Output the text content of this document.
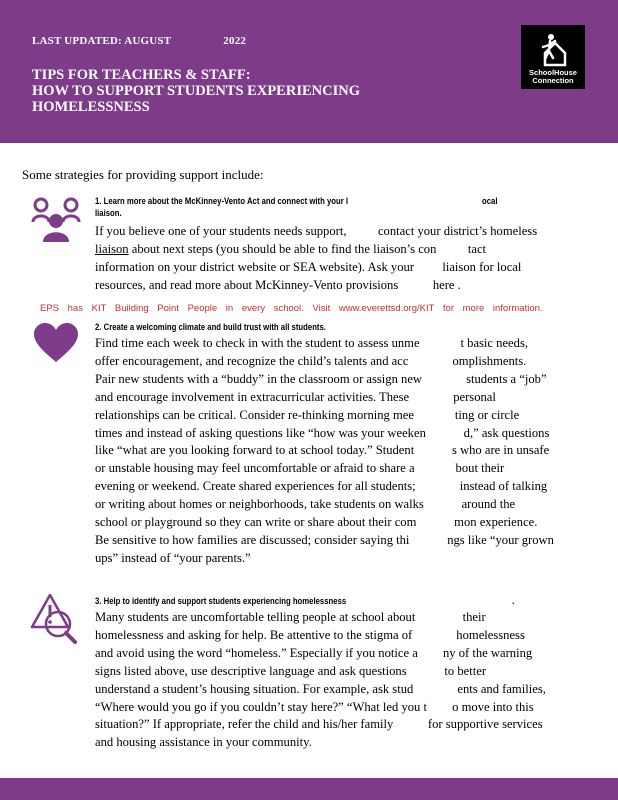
LAST UPDATED: AUGUST	2022
TIPS FOR TEACHERS & STAFF:
HOW TO SUPPORT STUDENTS EXPERIENCING
HOMELESSNESS
SchoolHouse
Connection
Some strategies for providing support include:
1. Learn more about the McKinney-Vento Act and connect with your l	ocal
liaison.
If you believe one of your students needs support,          contact your district’s homeless
liaison about next steps (you should be able to find the liaison’s con          tact
information on your district website or SEA website). Ask your         liaison for local
resources, and read more about McKinney-Vento provisions           here .
EPS has KIT Building Point People in every school. Visit www.everettsd.org/KIT for more information.
2. Create a welcoming climate and build trust with all students.
Find time each week to check in with the student to assess unme             t basic needs,
offer encouragement, and recognize the child’s talents and acc              omplishments.
Pair new students with a “buddy” in the classroom or assign new              students a “job”
and encourage involvement in extracurricular activities. These              personal
relationships can be critical. Consider re-thinking morning mee             ting or circle
times and instead of asking questions like “how was your weeken            d,” ask questions
like “what are you looking forward to at school today.” Student            s who are in unsafe
or unstable housing may feel uncomfortable or afraid to share a             bout their
evening or weekend. Create shared experiences for all students;              instead of talking
or writing about homes or neighborhoods, take students on walks            around the
school or playground so they can write or share about their com            mon experience.
Be sensitive to how families are discussed; consider saying thi            ngs like “your grown
ups” instead of “your parents.”
3. Help to identify and support students experiencing homelessness	.
Many students are uncomfortable telling people at school about               their
homelessness and asking for help. Be attentive to the stigma of              homelessness
and avoid using the word “homeless.” Especially if you notice a        ny of the warning
signs listed above, use descriptive language and ask questions            to better
understand a student’s housing situation. For example, ask stud              ents and families,
“Where would you go if you couldn’t stay here?” “What led you t        o move into this
situation?” If appropriate, refer the child and his/her family           for supportive services
and housing assistance in your community.
